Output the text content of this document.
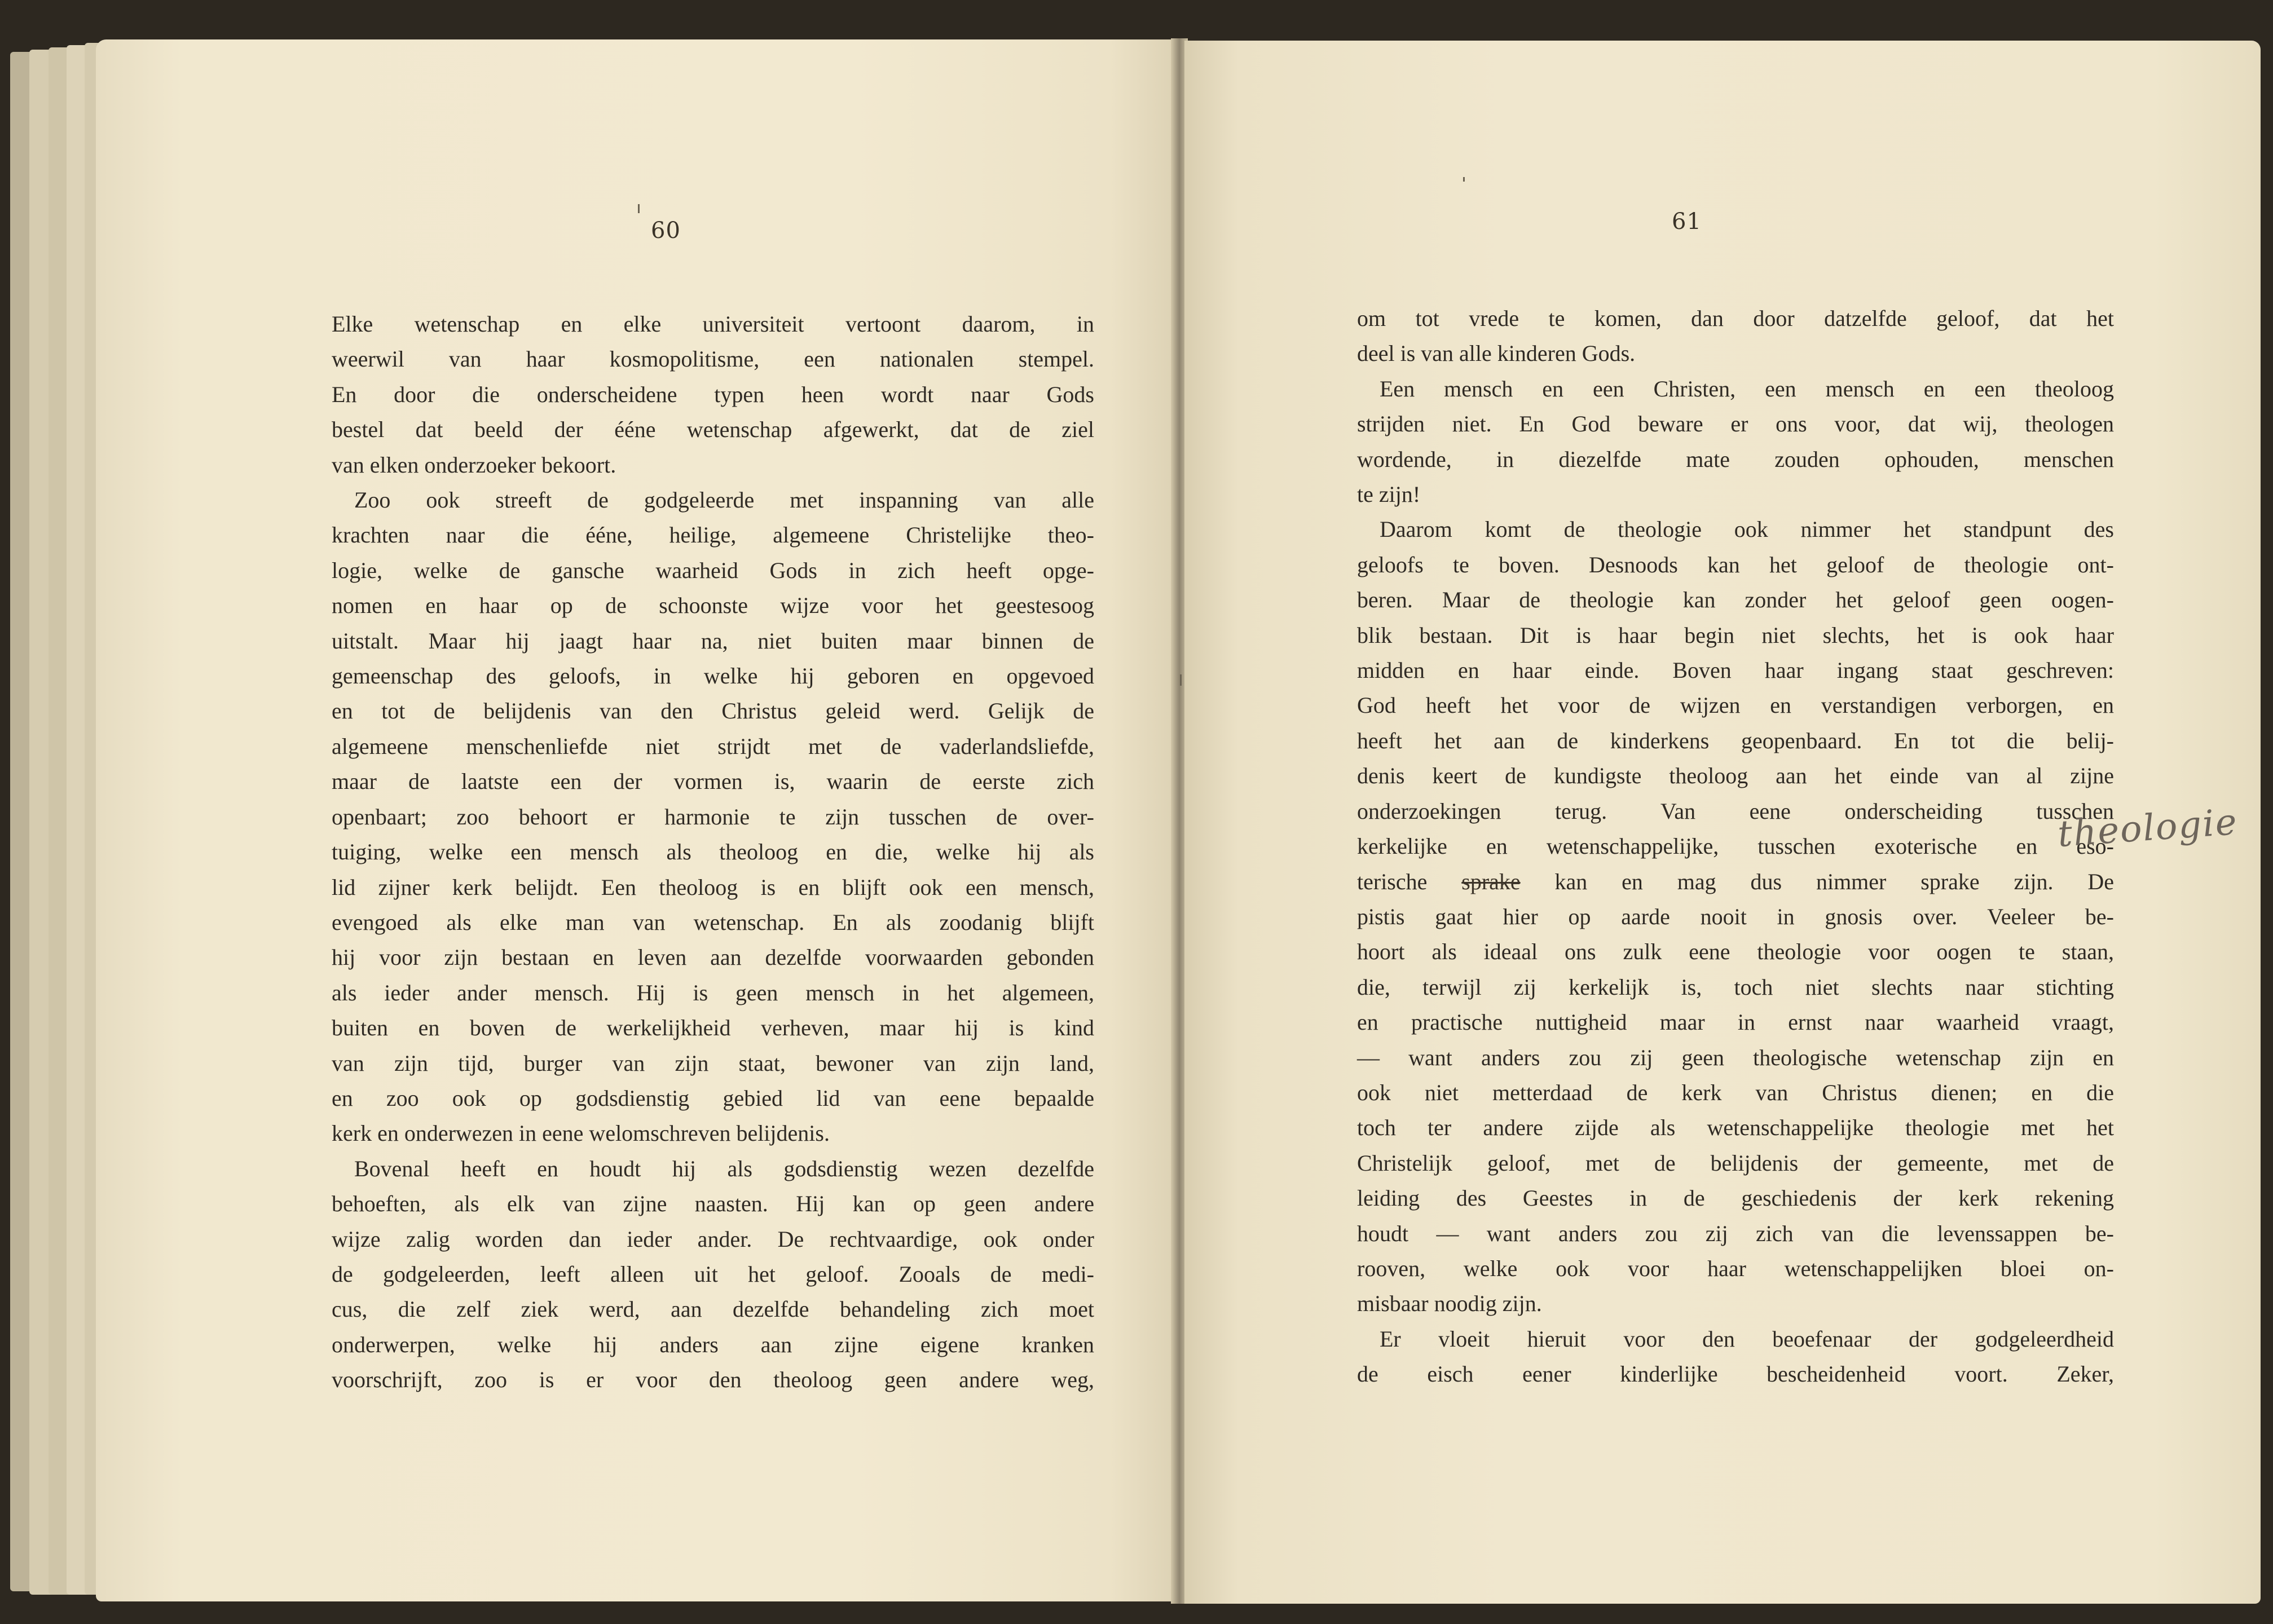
60
Elke wetenschap en elke universiteit vertoont daarom, in
weerwil van haar kosmopolitisme, een nationalen stempel.
En door die onderscheidene typen heen wordt naar Gods
bestel dat beeld der ééne wetenschap afgewerkt, dat de ziel
van elken onderzoeker bekoort.
Zoo ook streeft de godgeleerde met inspanning van alle
krachten naar die ééne, heilige, algemeene Christelijke theo-
logie, welke de gansche waarheid Gods in zich heeft opge-
nomen en haar op de schoonste wijze voor het geestesoog
uitstalt. Maar hij jaagt haar na, niet buiten maar binnen de
gemeenschap des geloofs, in welke hij geboren en opgevoed
en tot de belijdenis van den Christus geleid werd. Gelijk de
algemeene menschenliefde niet strijdt met de vaderlandsliefde,
maar de laatste een der vormen is, waarin de eerste zich
openbaart; zoo behoort er harmonie te zijn tusschen de over-
tuiging, welke een mensch als theoloog en die, welke hij als
lid zijner kerk belijdt. Een theoloog is en blijft ook een mensch,
evengoed als elke man van wetenschap. En als zoodanig blijft
hij voor zijn bestaan en leven aan dezelfde voorwaarden gebonden
als ieder ander mensch. Hij is geen mensch in het algemeen,
buiten en boven de werkelijkheid verheven, maar hij is kind
van zijn tijd, burger van zijn staat, bewoner van zijn land,
en zoo ook op godsdienstig gebied lid van eene bepaalde
kerk en onderwezen in eene welomschreven belijdenis.
Bovenal heeft en houdt hij als godsdienstig wezen dezelfde
behoeften, als elk van zijne naasten. Hij kan op geen andere
wijze zalig worden dan ieder ander. De rechtvaardige, ook onder
de godgeleerden, leeft alleen uit het geloof. Zooals de medi-
cus, die zelf ziek werd, aan dezelfde behandeling zich moet
onderwerpen, welke hij anders aan zijne eigene kranken
voorschrijft, zoo is er voor den theoloog geen andere weg,
61
om tot vrede te komen, dan door datzelfde geloof, dat het
deel is van alle kinderen Gods.
Een mensch en een Christen, een mensch en een theoloog
strijden niet. En God beware er ons voor, dat wij, theologen
wordende, in diezelfde mate zouden ophouden, menschen
te zijn!
Daarom komt de theologie ook nimmer het standpunt des
geloofs te boven. Desnoods kan het geloof de theologie ont-
beren. Maar de theologie kan zonder het geloof geen oogen-
blik bestaan. Dit is haar begin niet slechts, het is ook haar
midden en haar einde. Boven haar ingang staat geschreven:
God heeft het voor de wijzen en verstandigen verborgen, en
heeft het aan de kinderkens geopenbaard. En tot die belij-
denis keert de kundigste theoloog aan het einde van al zijne
onderzoekingen terug. Van eene onderscheiding tusschen
kerkelijke en wetenschappelijke, tusschen exoterische en eso-
terische sprake kan en mag dus nimmer sprake zijn. De
pistis gaat hier op aarde nooit in gnosis over. Veeleer be-
hoort als ideaal ons zulk eene theologie voor oogen te staan,
die, terwijl zij kerkelijk is, toch niet slechts naar stichting
en practische nuttigheid maar in ernst naar waarheid vraagt,
— want anders zou zij geen theologische wetenschap zijn en
ook niet metterdaad de kerk van Christus dienen; en die
toch ter andere zijde als wetenschappelijke theologie met het
Christelijk geloof, met de belijdenis der gemeente, met de
leiding des Geestes in de geschiedenis der kerk rekening
houdt — want anders zou zij zich van die levenssappen be-
rooven, welke ook voor haar wetenschappelijken bloei on-
misbaar noodig zijn.
Er vloeit hieruit voor den beoefenaar der godgeleerdheid
de eisch eener kinderlijke bescheidenheid voort. Zeker,
theologie
